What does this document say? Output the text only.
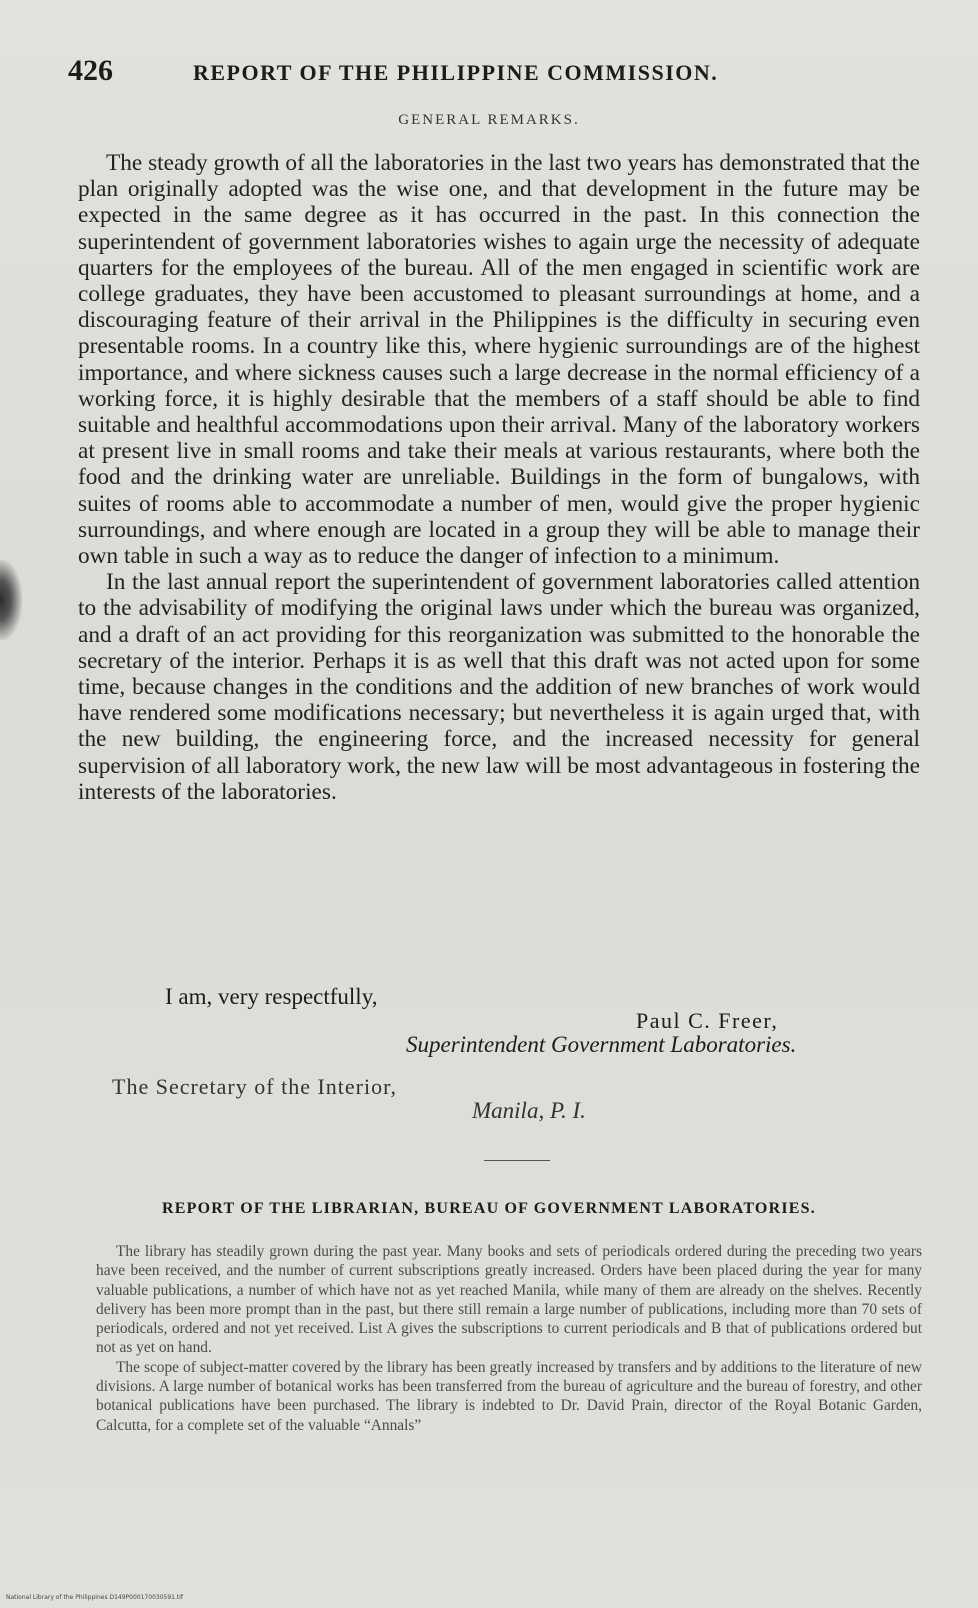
426	REPORT OF THE PHILIPPINE COMMISSION.
GENERAL REMARKS.

The steady growth of all the laboratories in the last two years has demonstrated that the plan originally adopted was the wise one, and that development in the future may be expected in the same degree as it has occurred in the past. In this connection the superintendent of government laboratories wishes to again urge the necessity of adequate quarters for the employees of the bureau. All of the men engaged in scientific work are college graduates, they have been accustomed to pleasant surroundings at home, and a discouraging feature of their arrival in the Philippines is the difficulty in securing even presentable rooms. In a country like this, where hygienic surroundings are of the highest importance, and where sickness causes such a large decrease in the normal efficiency of a working force, it is highly desirable that the members of a staff should be able to find suitable and healthful accommodations upon their arrival. Many of the laboratory workers at present live in small rooms and take their meals at various restaurants, where both the food and the drinking water are unreliable. Buildings in the form of bungalows, with suites of rooms able to accommodate a number of men, would give the proper hygienic surroundings, and where enough are located in a group they will be able to manage their own table in such a way as to reduce the danger of infection to a minimum.

In the last annual report the superintendent of government laboratories called attention to the advisability of modifying the original laws under which the bureau was organized, and a draft of an act providing for this reorganization was submitted to the honorable the secretary of the interior. Perhaps it is as well that this draft was not acted upon for some time, because changes in the conditions and the addition of new branches of work would have rendered some modifications necessary; but nevertheless it is again urged that, with the new building, the engineering force, and the increased necessity for general supervision of all laboratory work, the new law will be most advantageous in fostering the interests of the laboratories.

I am, very respectfully,
Paul C. Freer,
Superintendent Government Laboratories.
The Secretary of the Interior,
Manila, P. I.
REPORT OF THE LIBRARIAN, BUREAU OF GOVERNMENT LABORATORIES.

The library has steadily grown during the past year. Many books and sets of periodicals ordered during the preceding two years have been received, and the number of current subscriptions greatly increased. Orders have been placed during the year for many valuable publications, a number of which have not as yet reached Manila, while many of them are already on the shelves. Recently delivery has been more prompt than in the past, but there still remain a large number of publications, including more than 70 sets of periodicals, ordered and not yet received. List A gives the subscriptions to current periodicals and B that of publications ordered but not as yet on hand.

The scope of subject-matter covered by the library has been greatly increased by transfers and by additions to the literature of new divisions. A large number of botanical works has been transferred from the bureau of agriculture and the bureau of forestry, and other botanical publications have been purchased. The library is indebted to Dr. David Prain, director of the Royal Botanic Garden, Calcutta, for a complete set of the valuable “Annals”

National Library of the Philippines D149P000170030591.tif
